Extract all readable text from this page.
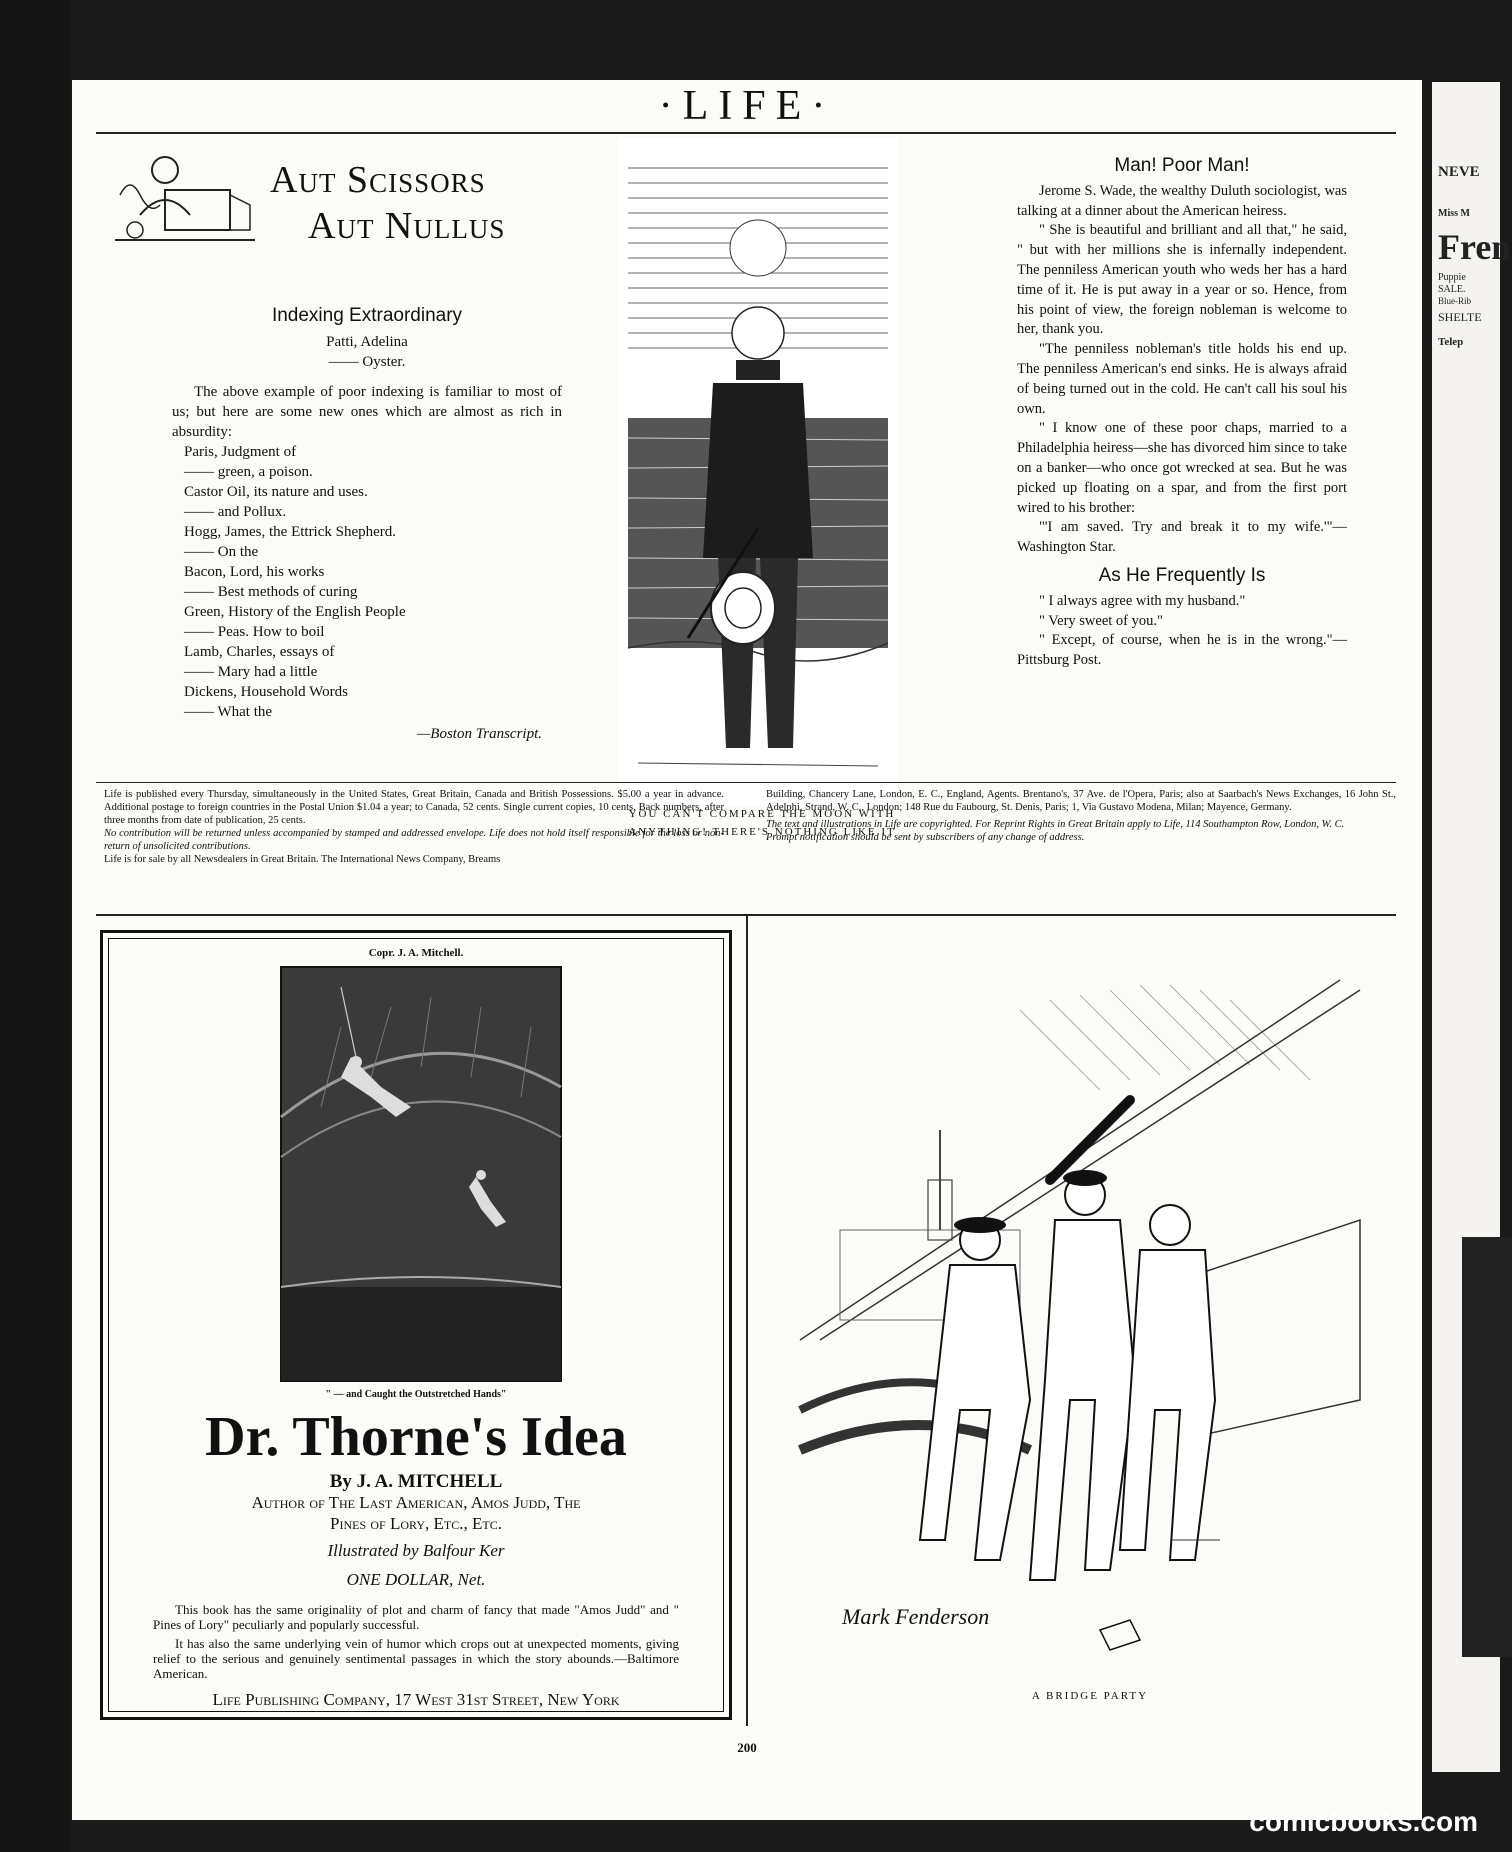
·LIFE·
Aut Scissors
Aut Nullus
Indexing Extraordinary
Patti, Adelina
—— Oyster.

The above example of poor indexing is familiar to most of us; but here are some new ones which are almost as rich in absurdity:

Paris, Judgment of
—— green, a poison.
Castor Oil, its nature and uses.
—— and Pollux.
Hogg, James, the Ettrick Shepherd.
—— On the
Bacon, Lord, his works
—— Best methods of curing
Green, History of the English People
—— Peas. How to boil
Lamb, Charles, essays of
—— Mary had a little
Dickens, Household Words
—— What the
—Boston Transcript.
YOU CAN'T COMPARE THE MOON WITH
ANYTHING! THERE'S NOTHING LIKE IT
Man! Poor Man!

Jerome S. Wade, the wealthy Duluth sociologist, was talking at a dinner about the American heiress.

" She is beautiful and brilliant and all that," he said, " but with her millions she is infernally independent. The penniless American youth who weds her has a hard time of it. He is put away in a year or so. Hence, from his point of view, the foreign nobleman is welcome to her, thank you.

"The penniless nobleman's title holds his end up. The penniless American's end sinks. He is always afraid of being turned out in the cold. He can't call his soul his own.

" I know one of these poor chaps, married to a Philadelphia heiress—she has divorced him since to take on a banker—who once got wrecked at sea. But he was picked up floating on a spar, and from the first port wired to his brother:

"'I am saved. Try and break it to my wife.'"—Washington Star.

As He Frequently Is

" I always agree with my husband."

" Very sweet of you."

" Except, of course, when he is in the wrong."—Pittsburg Post.

Life is published every Thursday, simultaneously in the United States, Great Britain, Canada and British Possessions. $5.00 a year in advance. Additional postage to foreign countries in the Postal Union $1.04 a year; to Canada, 52 cents. Single current copies, 10 cents. Back numbers, after three months from date of publication, 25 cents.
No contribution will be returned unless accompanied by stamped and addressed envelope. Life does not hold itself responsible for the loss or non-return of unsolicited contributions.
Life is for sale by all Newsdealers in Great Britain. The International News Company, Breams
Building, Chancery Lane, London, E. C., England, Agents. Brentano's, 37 Ave. de l'Opera, Paris; also at Saarbach's News Exchanges, 16 John St., Adelphi, Strand, W. C., London; 148 Rue du Faubourg, St. Denis, Paris; 1, Via Gustavo Modena, Milan; Mayence, Germany.
The text and illustrations in Life are copyrighted. For Reprint Rights in Great Britain apply to Life, 114 Southampton Row, London, W. C.
Prompt notification should be sent by subscribers of any change of address.
Copr. J. A. Mitchell.
" — and Caught the Outstretched Hands"
Dr. Thorne's Idea
By J. A. MITCHELL
Author of The Last American, Amos Judd, The
Pines of Lory, Etc., Etc.
Illustrated by Balfour Ker
ONE DOLLAR, Net.

This book has the same originality of plot and charm of fancy that made "Amos Judd" and " Pines of Lory" peculiarly and popularly successful.

It has also the same underlying vein of humor which crops out at unexpected moments, giving relief to the serious and genuinely sentimental passages in which the story abounds.—Baltimore American.

Life Publishing Company, 17 West 31st Street, New York
Mark Fenderson
A BRIDGE PARTY
200
NEVE
Miss M
Fren
Puppie
SALE.
Blue-Rib
SHELTE
Telep
comicbooks.com
